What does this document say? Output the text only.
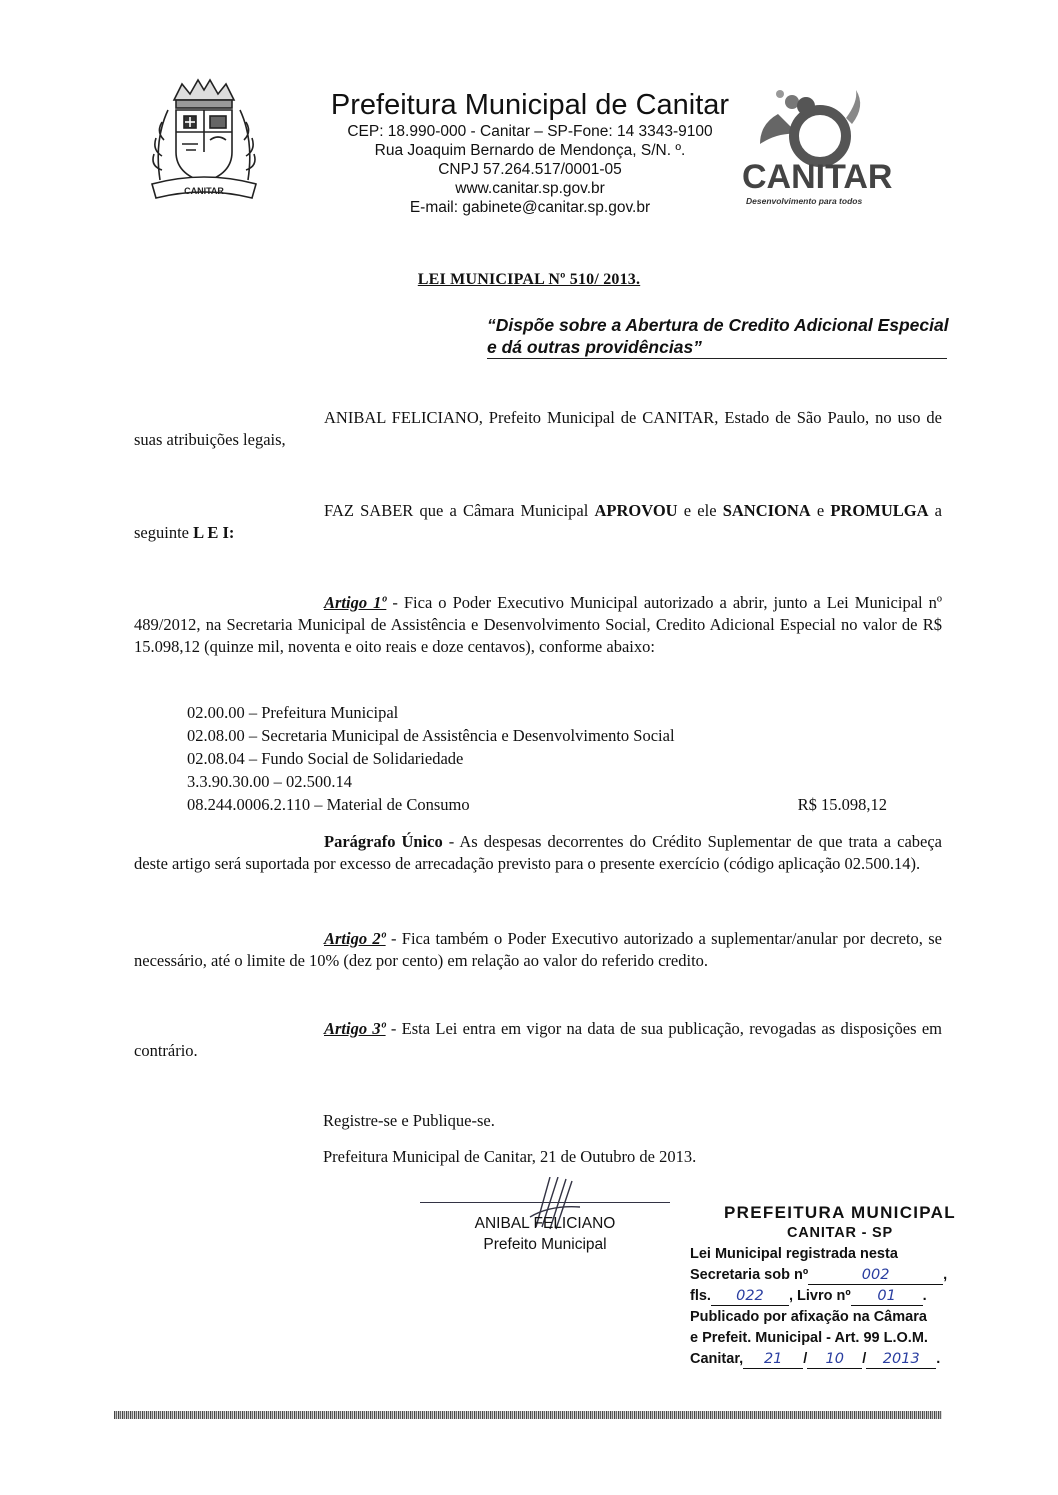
CANITAR
Prefeitura Municipal de Canitar
CEP: 18.990-000 - Canitar – SP-Fone: 14 3343-9100
Rua Joaquim Bernardo de Mendonça, S/N. º.
CNPJ 57.264.517/0001-05
www.canitar.sp.gov.br
E-mail: gabinete@canitar.sp.gov.br
CANITAR
Desenvolvimento para todos
LEI MUNICIPAL Nº 510/ 2013.
“Dispõe sobre a Abertura de Credito Adicional Especial e dá outras providências”
ANIBAL FELICIANO, Prefeito Municipal de CANITAR, Estado de São Paulo, no uso de suas atribuições legais,
FAZ SABER que a Câmara Municipal APROVOU e ele SANCIONA e PROMULGA a seguinte L E I:
Artigo 1º - Fica o Poder Executivo Municipal autorizado a abrir, junto a Lei Municipal nº 489/2012, na Secretaria Municipal de Assistência e Desenvolvimento Social, Credito Adicional Especial no valor de R$ 15.098,12 (quinze mil, noventa e oito reais e doze centavos), conforme abaixo:
02.00.00 – Prefeitura Municipal
02.08.00 – Secretaria Municipal de Assistência e Desenvolvimento Social
02.08.04 – Fundo Social de Solidariedade
3.3.90.30.00 – 02.500.14
08.244.0006.2.110 – Material de Consumo	R$ 15.098,12
Parágrafo Único - As despesas decorrentes do Crédito Suplementar de que trata a cabeça deste artigo será suportada por excesso de arrecadação previsto para o presente exercício (código aplicação 02.500.14).
Artigo 2º - Fica também o Poder Executivo autorizado a suplementar/anular por decreto, se necessário, até o limite de 10% (dez por cento) em relação ao valor do referido credito.
Artigo 3º - Esta Lei entra em vigor na data de sua publicação, revogadas as disposições em contrário.
Registre-se e Publique-se.
Prefeitura Municipal de Canitar, 21 de Outubro de 2013.
ANIBAL FELICIANO
Prefeito Municipal
PREFEITURA MUNICIPAL
CANITAR - SP
Lei Municipal registrada nesta
Secretaria sob nº	002	,
fls. 022 , Livro nº 01 .
Publicado por afixação na Câmara
e Prefeit. Municipal - Art. 99 L.O.M.
Canitar, 21 / 10 / 2013 .
